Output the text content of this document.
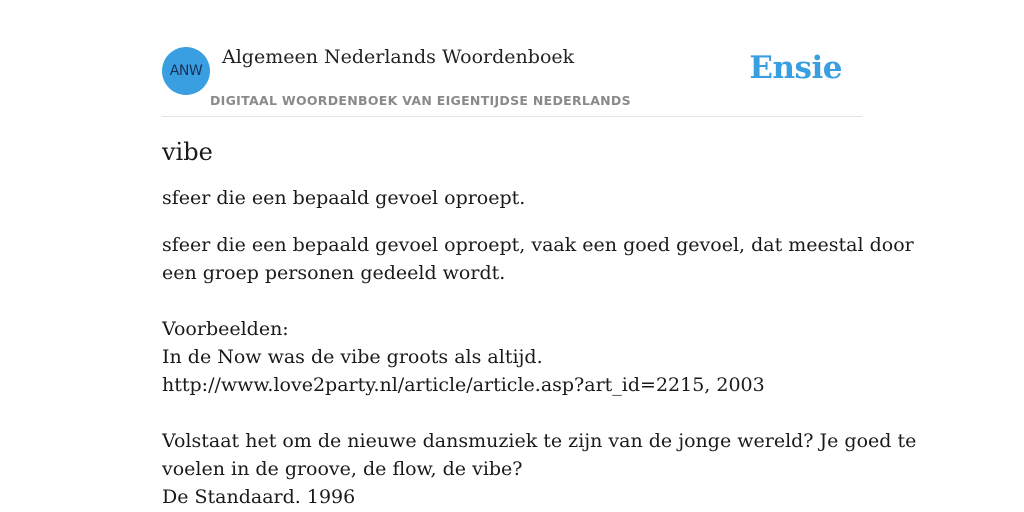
ANW
Algemeen Nederlands Woordenboek
DIGITAAL WOORDENBOEK VAN EIGENTIJDSE NEDERLANDS
Ensie
vibe

sfeer die een bepaald gevoel oproept.

sfeer die een bepaald gevoel oproept, vaak een goed gevoel, dat meestal door
een groep personen gedeeld wordt.
Voorbeelden:
In de Now was de vibe groots als altijd.
http://www.love2party.nl/article/article.asp?art_id=2215, 2003
Volstaat het om de nieuwe dansmuziek te zijn van de jonge wereld? Je goed te
voelen in de groove, de flow, de vibe?
De Standaard. 1996
